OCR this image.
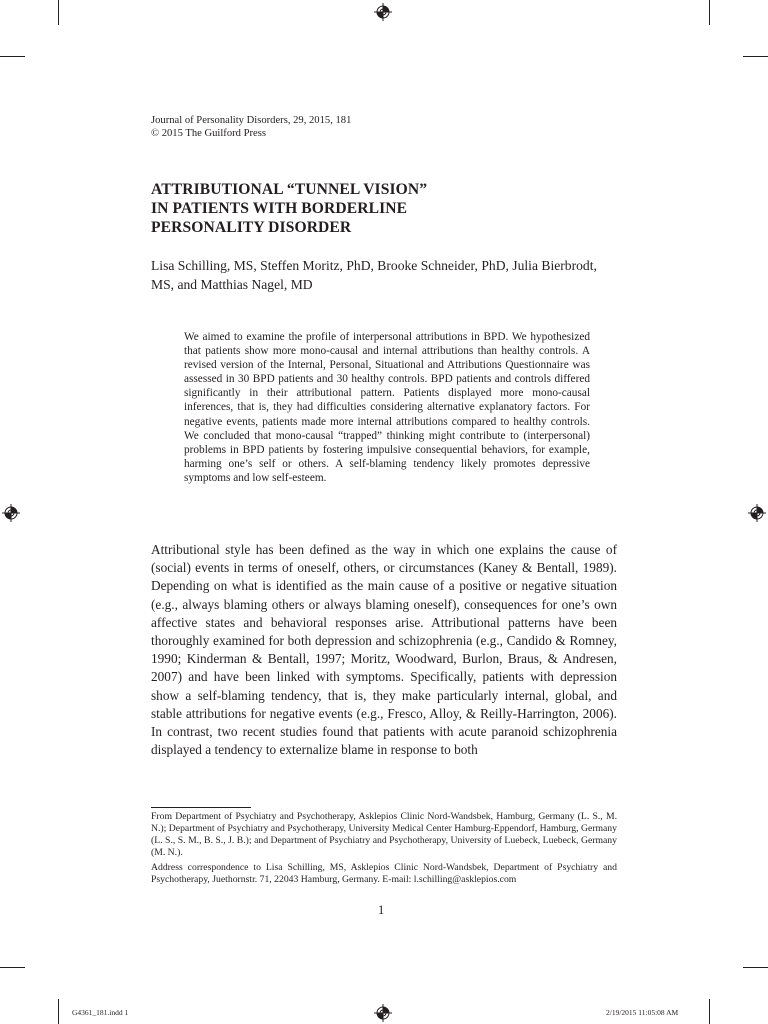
Journal of Personality Disorders, 29, 2015, 181
© 2015 The Guilford Press
ATTRIBUTIONAL “TUNNEL VISION”
IN PATIENTS WITH BORDERLINE
PERSONALITY DISORDER
Lisa Schilling, MS, Steffen Moritz, PhD, Brooke Schneider, PhD, Julia Bierbrodt, MS, and Matthias Nagel, MD
We aimed to examine the profile of interpersonal attributions in BPD. We hypothesized that patients show more mono-causal and internal attributions than healthy controls. A revised version of the Internal, Personal, Situational and Attributions Questionnaire was assessed in 30 BPD patients and 30 healthy controls. BPD patients and controls differed significantly in their attributional pattern. Patients displayed more mono-causal inferences, that is, they had difficulties considering alternative explanatory factors. For negative events, patients made more internal attributions compared to healthy controls. We concluded that mono-causal “trapped” thinking might contribute to (interpersonal) problems in BPD patients by fostering impulsive consequential behaviors, for example, harming one’s self or others. A self-blaming tendency likely promotes depressive symptoms and low self-esteem.

Attributional style has been defined as the way in which one explains the cause of (social) events in terms of oneself, others, or circumstances (Kaney & Bentall, 1989). Depending on what is identified as the main cause of a positive or negative situation (e.g., always blaming others or always blaming oneself), consequences for one’s own affective states and behavioral responses arise. Attributional patterns have been thoroughly examined for both depression and schizophrenia (e.g., Candido & Romney, 1990; Kinderman & Bentall, 1997; Moritz, Woodward, Burlon, Braus, & Andresen, 2007) and have been linked with symptoms. Specifically, patients with depression show a self-blaming tendency, that is, they make particularly internal, global, and stable attributions for negative events (e.g., Fresco, Alloy, & Reilly-Harrington, 2006). In contrast, two recent studies found that patients with acute paranoid schizophrenia displayed a tendency to externalize blame in response to both

From Department of Psychiatry and Psychotherapy, Asklepios Clinic Nord-Wandsbek, Hamburg, Germany (L. S., M. N.); Department of Psychiatry and Psychotherapy, University Medical Center Hamburg-Eppendorf, Hamburg, Germany (L. S., S. M., B. S., J. B.); and Department of Psychiatry and Psychotherapy, University of Luebeck, Luebeck, Germany (M. N.).

Address correspondence to Lisa Schilling, MS, Asklepios Clinic Nord-Wandsbek, Department of Psychiatry and Psychotherapy, Juethornstr. 71, 22043 Hamburg, Germany. E-mail: l.schilling@asklepios.com

1
G4361_181.indd 1	2/19/2015 11:05:08 AM
